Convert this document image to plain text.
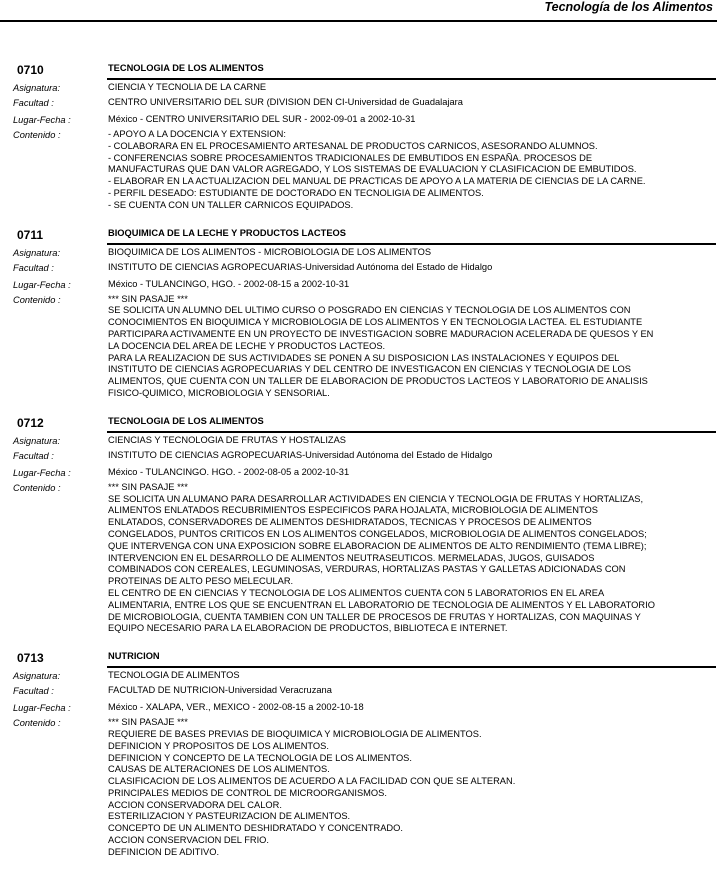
Tecnología de los Alimentos
0710	TECNOLOGIA DE LOS ALIMENTOS
Asignatura:	CIENCIA Y TECNOLIA DE LA CARNE
Facultad :	CENTRO UNIVERSITARIO DEL SUR (DIVISION DEN CI-Universidad de Guadalajara
Lugar-Fecha :	México - CENTRO UNIVERSITARIO DEL SUR - 2002-09-01 a 2002-10-31
Contenido :	- APOYO A LA DOCENCIA Y EXTENSION:
- COLABORARA EN EL PROCESAMIENTO ARTESANAL DE PRODUCTOS CARNICOS, ASESORANDO ALUMNOS.
- CONFERENCIAS SOBRE PROCESAMIENTOS TRADICIONALES DE EMBUTIDOS EN ESPAÑA. PROCESOS DE
MANUFACTURAS QUE DAN VALOR AGREGADO, Y LOS SISTEMAS DE EVALUACION Y CLASIFICACION DE EMBUTIDOS.
- ELABORAR EN LA ACTUALIZACION DEL MANUAL DE PRACTICAS DE APOYO A LA MATERIA DE CIENCIAS DE LA CARNE.
- PERFIL DESEADO: ESTUDIANTE DE DOCTORADO EN TECNOLIGIA DE ALIMENTOS.
- SE CUENTA CON UN TALLER CARNICOS EQUIPADOS.
0711	BIOQUIMICA DE LA LECHE Y PRODUCTOS LACTEOS
Asignatura:	BIOQUIMICA DE LOS ALIMENTOS - MICROBIOLOGIA DE LOS ALIMENTOS
Facultad :	INSTITUTO DE CIENCIAS AGROPECUARIAS-Universidad Autónoma del Estado de Hidalgo
Lugar-Fecha :	México - TULANCINGO, HGO. - 2002-08-15 a 2002-10-31
Contenido :	*** SIN PASAJE ***
SE SOLICITA UN ALUMNO DEL ULTIMO CURSO O POSGRADO EN CIENCIAS Y TECNOLOGIA DE LOS ALIMENTOS CON
CONOCIMIENTOS EN BIOQUIMICA Y MICROBIOLOGIA DE LOS ALIMENTOS Y EN TECNOLOGIA LACTEA. EL ESTUDIANTE
PARTICIPARA ACTIVAMENTE EN UN PROYECTO DE INVESTIGACION SOBRE MADURACION ACELERADA DE QUESOS Y EN
LA DOCENCIA DEL AREA DE LECHE Y PRODUCTOS LACTEOS.
PARA LA REALIZACION DE SUS ACTIVIDADES SE PONEN A SU DISPOSICION LAS INSTALACIONES Y EQUIPOS DEL
INSTITUTO DE CIENCIAS AGROPECUARIAS Y DEL CENTRO DE INVESTIGACON EN CIENCIAS Y TECNOLOGIA DE LOS
ALIMENTOS, QUE CUENTA CON UN TALLER DE ELABORACION DE PRODUCTOS LACTEOS Y LABORATORIO DE ANALISIS
FISICO-QUIMICO, MICROBIOLOGIA Y SENSORIAL.
0712	TECNOLOGIA DE LOS ALIMENTOS
Asignatura:	CIENCIAS Y TECNOLOGIA DE FRUTAS Y HOSTALIZAS
Facultad :	INSTITUTO DE CIENCIAS AGROPECUARIAS-Universidad Autónoma del Estado de Hidalgo
Lugar-Fecha :	México - TULANCINGO. HGO. - 2002-08-05 a 2002-10-31
Contenido :	*** SIN PASAJE ***
SE SOLICITA UN ALUMANO PARA DESARROLLAR ACTIVIDADES EN CIENCIA Y TECNOLOGIA DE FRUTAS Y HORTALIZAS,
ALIMENTOS ENLATADOS RECUBRIMIENTOS ESPECIFICOS PARA HOJALATA, MICROBIOLOGIA DE ALIMENTOS
ENLATADOS, CONSERVADORES DE ALIMENTOS DESHIDRATADOS, TECNICAS Y PROCESOS DE ALIMENTOS
CONGELADOS, PUNTOS CRITICOS EN LOS ALIMENTOS CONGELADOS, MICROBIOLOGIA DE ALIMENTOS CONGELADOS;
QUE INTERVENGA CON UNA EXPOSICION SOBRE ELABORACION DE ALIMENTOS DE ALTO RENDIMIENTO (TEMA LIBRE);
INTERVENCION EN EL DESARROLLO DE ALIMENTOS NEUTRASEUTICOS. MERMELADAS, JUGOS, GUISADOS
COMBINADOS CON CEREALES, LEGUMINOSAS, VERDURAS, HORTALIZAS PASTAS Y GALLETAS ADICIONADAS CON
PROTEINAS DE ALTO PESO MELECULAR.
EL CENTRO DE EN CIENCIAS Y TECNOLOGIA DE LOS ALIMENTOS CUENTA CON 5 LABORATORIOS EN EL AREA
ALIMENTARIA, ENTRE LOS QUE SE ENCUENTRAN EL LABORATORIO DE TECNOLOGIA DE ALIMENTOS Y EL LABORATORIO
DE MICROBIOLOGIA, CUENTA TAMBIEN CON UN TALLER DE PROCESOS DE FRUTAS Y HORTALIZAS, CON MAQUINAS Y
EQUIPO NECESARIO PARA LA ELABORACION DE PRODUCTOS, BIBLIOTECA E INTERNET.
0713	NUTRICION
Asignatura:	TECNOLOGIA DE ALIMENTOS
Facultad :	FACULTAD DE NUTRICION-Universidad Veracruzana
Lugar-Fecha :	México - XALAPA, VER., MEXICO - 2002-08-15 a 2002-10-18
Contenido :	*** SIN PASAJE ***
REQUIERE DE BASES PREVIAS DE BIOQUIMICA Y MICROBIOLOGIA DE ALIMENTOS.
DEFINICION Y PROPOSITOS DE LOS ALIMENTOS.
DEFINICION Y CONCEPTO DE LA TECNOLOGIA DE LOS ALIMENTOS.
CAUSAS DE ALTERACIONES DE LOS ALIMENTOS.
CLASIFICACION DE LOS ALIMENTOS DE ACUERDO A LA FACILIDAD CON QUE SE ALTERAN.
PRINCIPALES MEDIOS DE CONTROL DE MICROORGANISMOS.
ACCION CONSERVADORA DEL CALOR.
ESTERILIZACION Y PASTEURIZACION DE ALIMENTOS.
CONCEPTO DE UN ALIMENTO DESHIDRATADO Y CONCENTRADO.
ACCION CONSERVACION DEL FRIO.
DEFINICION DE ADITIVO.
